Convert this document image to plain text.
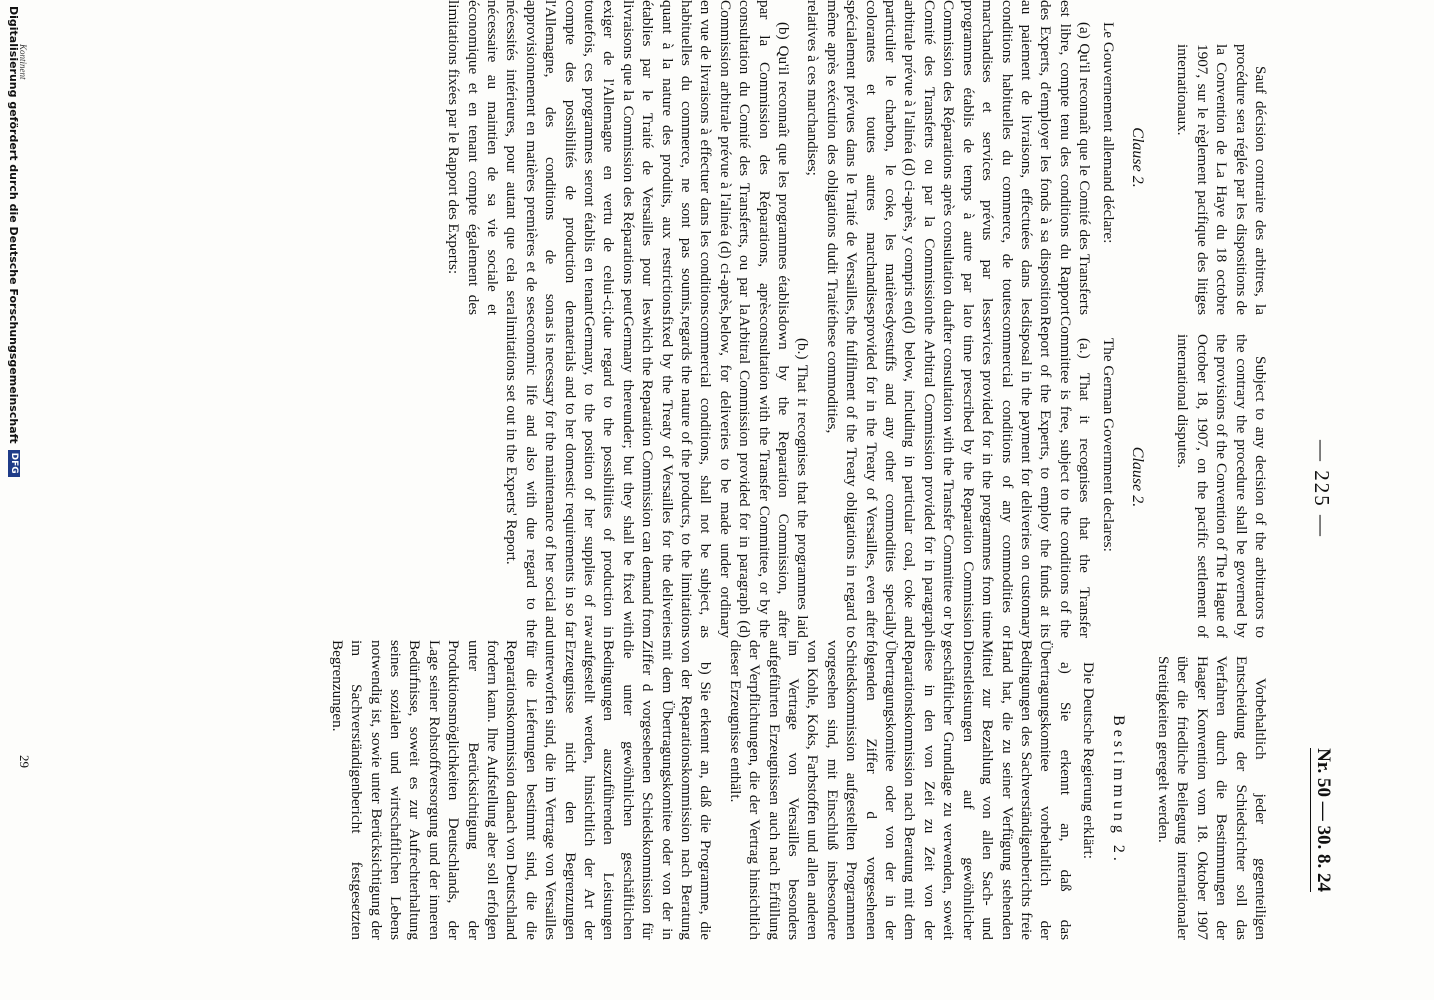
— 225 —
Nr. 50 — 30. 8. 24

Sauf décision contraire des arbitres, la procédure sera réglée par les dispositions de la Convention de La Haye du 18 octobre 1907, sur le règlement pacifique des litiges internationaux.

Clause 2.

Le Gouvernement allemand déclare:

(a) Qu'il reconnaît que le Comité des Transferts est libre, compte tenu des conditions du Rapport des Experts, d'employer les fonds à sa disposition au paiement de livraisons, effectuées dans les conditions habituelles du commerce, de toutes marchandises et services prévus par les programmes établis de temps à autre par la Commission des Réparations après consultation du Comité des Transferts ou par la Commission arbitrale prévue à l'alinéa (d) ci-après, y compris en particulier le charbon, le coke, les matières colorantes et toutes autres marchandises spécialement prévues dans le Traité de Versailles, même après exécution des obligations dudit Traité relatives à ces marchandises;

(b) Qu'il reconnaît que les programmes établis par la Commission des Réparations, après consultation du Comité des Transferts, ou par la Commission arbitrale prévue à l'alinéa (d) ci-après, en vue de livraisons à effectuer dans les conditions habituelles du commerce, ne sont pas soumis, quant à la nature des produits, aux restrictions établies par le Traité de Versailles pour les livraisons que la Commission des Réparations peut exiger de l'Allemagne en vertu de celui-ci; toutefois, ces programmes seront établis en tenant compte des possibilités de production de l'Allemagne, des conditions de son approvisionnement en matières premières et de ses nécessités intérieures, pour autant que cela sera nécessaire au maintien de sa vie sociale et économique et en tenant compte également des limitations fixées par le Rapport des Experts:

Subject to any decision of the arbitrators to the contrary the procedure shall be governed by the provisions of the Convention of The Hague of October 18, 1907, on the pacific settlement of international disputes.

Clause 2.

The German Government declares:

(a.) That it recognises that the Transfer Committee is free, subject to the conditions of the Report of the Experts, to employ the funds at its disposal in the payment for deliveries on customary commercial conditions of any commodities or services provided for in the programmes from time to time prescribed by the Reparation Commission after consultation with the Transfer Committee or by the Arbitral Commission provided for in paragraph (d) below, including in particular coal, coke and dyestuffs and any other commodities specially provided for in the Treaty of Versailles, even after the fulfilment of the Treaty obligations in regard to these commodities,

(b.) That it recognises that the programmes laid down by the Reparation Commission, after consultation with the Transfer Committee, or by the Arbitral Commission provided for in paragraph (d) below, for deliveries to be made under ordinary commercial conditions, shall not be subject, as regards the nature of the products, to the limitations fixed by the Treaty of Versailles for the deliveries which the Reparation Commission can demand from Germany thereunder; but they shall be fixed with due regard to the possibilities of production in Germany, to the position of her supplies of raw materials and to her domestic requirements in so far as is necessary for the maintenance of her social and economic life and also with due regard to the limitations set out in the Experts' Report.

Vorbehaltlich jeder gegenteiligen Entscheidung der Schiedsrichter soll das Verfahren durch die Bestimmungen der Haager Konvention vom 18. Oktober 1907 über die friedliche Beilegung internationaler Streitigkeiten geregelt werden.

Bestimmung 2.

Die Deutsche Regierung erklärt:

a) Sie erkennt an, daß das Übertragungskomitee vorbehaltlich der Bedingungen des Sachverständigenberichts freie Hand hat, die zu seiner Verfügung stehenden Mittel zur Bezahlung von allen Sach- und Dienstleistungen auf gewöhnlicher geschäftlicher Grundlage zu verwenden, soweit diese in den von Zeit zu Zeit von der Reparationskommission nach Beratung mit dem Übertragungskomitee oder von der in der folgenden Ziffer d vorgesehenen Schiedskommission aufgestellten Programmen vorgesehen sind, mit Einschluß insbesondere von Kohle, Koks, Farbstoffen und allen anderen im Vertrage von Versailles besonders aufgeführten Erzeugnissen auch nach Erfüllung der Verpflichtungen, die der Vertrag hinsichtlich dieser Erzeugnisse enthält.

b) Sie erkennt an, daß die Programme, die von der Reparationskommission nach Beratung mit dem Übertragungskomitee oder von der in Ziffer d vorgesehenen Schiedskommission für die unter gewöhnlichen geschäftlichen Bedingungen auszuführenden Leistungen aufgestellt werden, hinsichtlich der Art der Erzeugnisse nicht den Begrenzungen unterworfen sind, die im Vertrage von Versailles für die Lieferungen bestimmt sind, die die Reparationskommission danach von Deutschland fordern kann. Ihre Aufstellung aber soll erfolgen unter Berücksichtigung der Produktionsmöglichkeiten Deutschlands, der Lage seiner Rohstoffversorgung und der inneren Bedürfnisse, soweit es zur Aufrechterhaltung seines sozialen und wirtschaftlichen Lebens notwendig ist, sowie unter Berücksichtigung der im Sachverständigenbericht festgesetzten Begrenzungen.

Kontinent
29
Digitalisierung gefördert durch die Deutsche Forschungsgemeinschaft
DFG
